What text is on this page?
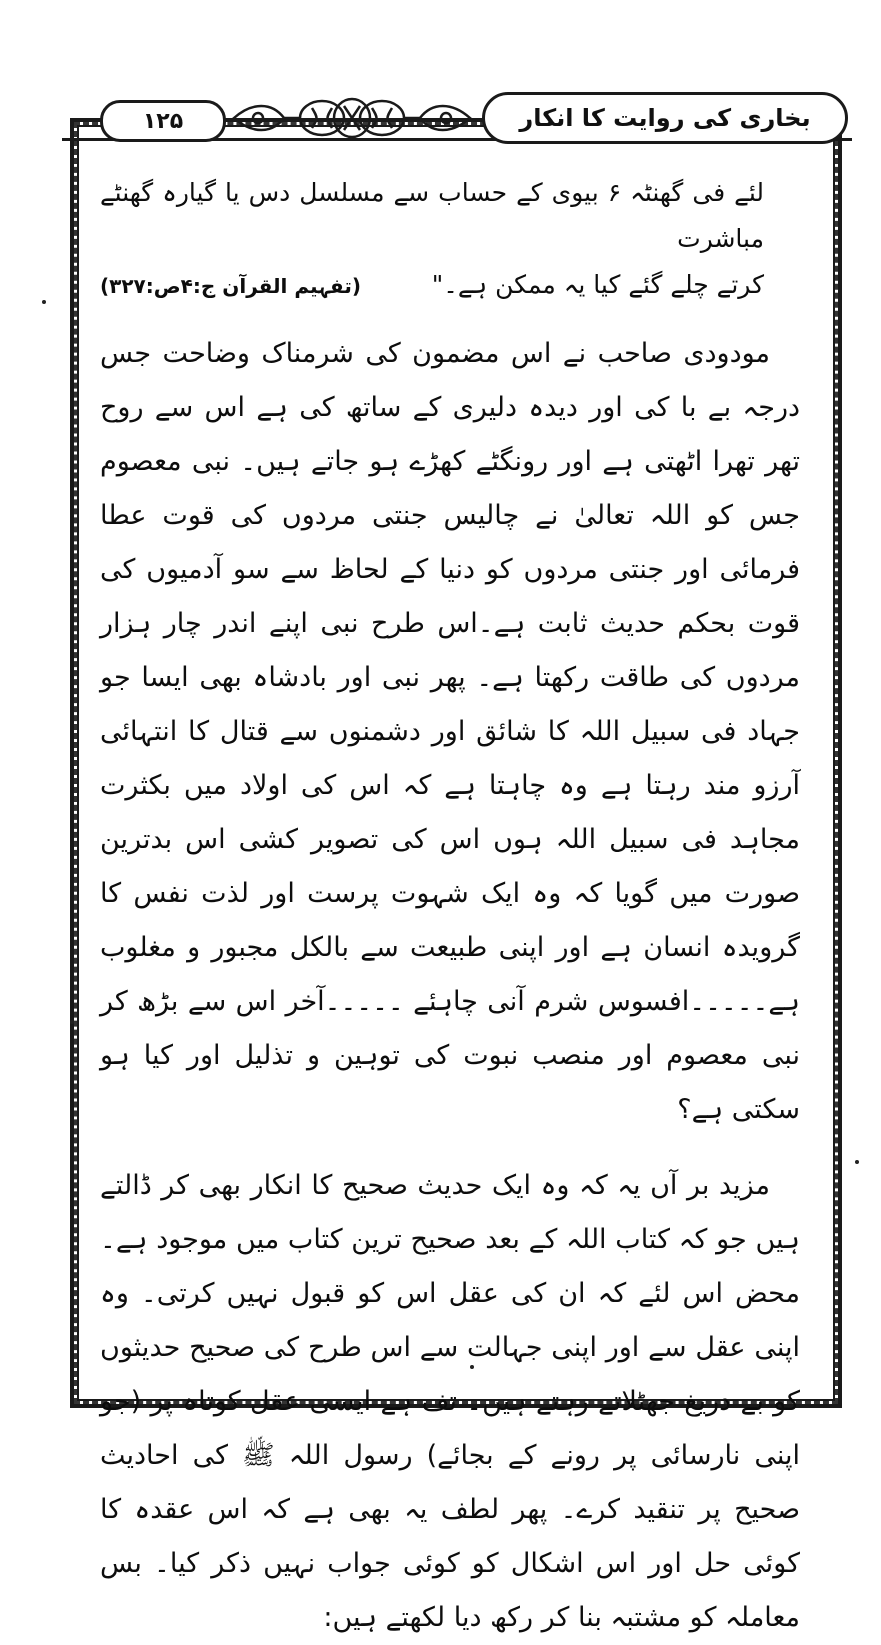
۱۲۵	بخاری کی روایت کا انکار
لئے فی گھنٹہ ۶ بیوی کے حساب سے مسلسل دس یا گیارہ گھنٹے مباشرت
کرتے چلے گئے کیا یہ ممکن ہے۔"
(تفہیم القرآن ج:۴ص:۳۲۷)

مودودی صاحب نے اس مضمون کی شرمناک وضاحت جس درجہ بے با کی اور دیدہ دلیری کے ساتھ کی ہے اس سے روح تھر تھرا اٹھتی ہے اور رونگٹے کھڑے ہو جاتے ہیں۔ نبی معصوم جس کو اللہ تعالیٰ نے چالیس جنتی مردوں کی قوت عطا فرمائی اور جنتی مردوں کو دنیا کے لحاظ سے سو آدمیوں کی قوت بحکم حدیث ثابت ہے۔اس طرح نبی اپنے اندر چار ہزار مردوں کی طاقت رکھتا ہے۔ پھر نبی اور بادشاہ بھی ایسا جو جہاد فی سبیل اللہ کا شائق اور دشمنوں سے قتال کا انتہائی آرزو مند رہتا ہے وہ چاہتا ہے کہ اس کی اولاد میں بکثرت مجاہد فی سبیل اللہ ہوں اس کی تصویر کشی اس بدترین صورت میں گویا کہ وہ ایک شہوت پرست اور لذت نفس کا گرویدہ انسان ہے اور اپنی طبیعت سے بالکل مجبور و مغلوب ہے۔۔۔۔۔افسوس شرم آنی چاہئے ۔۔۔۔۔آخر اس سے بڑھ کر نبی معصوم اور منصب نبوت کی توہین و تذلیل اور کیا ہو سکتی ہے؟

مزید بر آں یہ کہ وہ ایک حدیث صحیح کا انکار بھی کر ڈالتے ہیں جو کہ کتاب اللہ کے بعد صحیح ترین کتاب میں موجود ہے۔ محض اس لئے کہ ان کی عقل اس کو قبول نہیں کرتی۔ وہ اپنی عقل سے اور اپنی جہالت سے اس طرح کی صحیح حدیثوں کو بے دریغ جھٹلاتے رہتے ہیں۔ تف ہے ایسی عقل کوتاہ پر (جو اپنی نارسائی پر رونے کے بجائے) رسول اللہ ﷺ کی احادیث صحیح پر تنقید کرے۔ پھر لطف یہ بھی ہے کہ اس عقدہ کا کوئی حل اور اس اشکال کو کوئی جواب نہیں ذکر کیا۔ بس معاملہ کو مشتبہ بنا کر رکھ دیا لکھتے ہیں:
